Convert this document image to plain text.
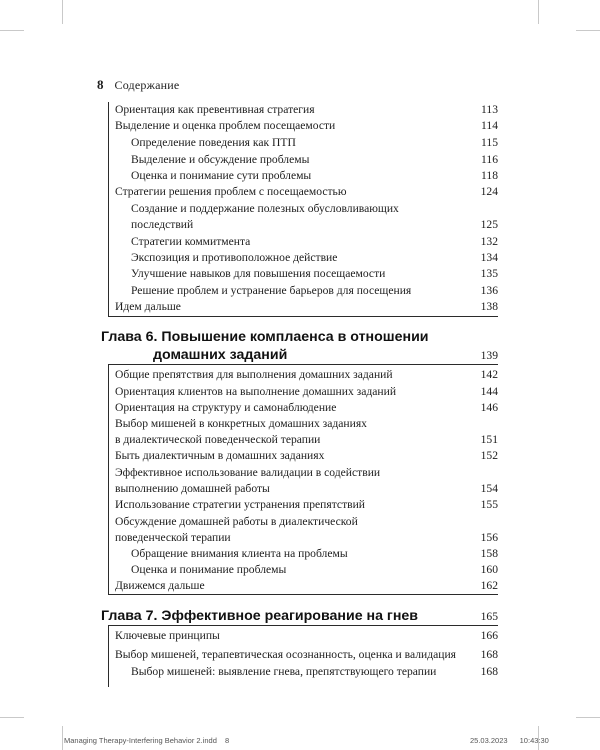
8 Содержание
Ориентация как превентивная стратегия	113
Выделение и оценка проблем посещаемости	114
Определение поведения как ПТП	115
Выделение и обсуждение проблемы	116
Оценка и понимание сути проблемы	118
Стратегии решения проблем с посещаемостью	124
Создание и поддержание полезных обусловливающих
последствий	125
Стратегии коммитмента	132
Экспозиция и противоположное действие	134
Улучшение навыков для повышения посещаемости	135
Решение проблем и устранение барьеров для посещения	136
Идем дальше	138
Глава 6. Повышение комплаенса в отношении
домашних заданий	139
Общие препятствия для выполнения домашних заданий	142
Ориентация клиентов на выполнение домашних заданий	144
Ориентация на структуру и самонаблюдение	146
Выбор мишеней в конкретных домашних заданиях
в диалектической поведенческой терапии	151
Быть диалектичным в домашних заданиях	152
Эффективное использование валидации в содействии
выполнению домашней работы	154
Использование стратегии устранения препятствий	155
Обсуждение домашней работы в диалектической
поведенческой терапии	156
Обращение внимания клиента на проблемы	158
Оценка и понимание проблемы	160
Движемся дальше	162
Глава 7. Эффективное реагирование на гнев	165
Ключевые принципы	166
Выбор мишеней, терапевтическая осознанность, оценка и валидация 168
Выбор мишеней: выявление гнева, препятствующего терапии	168
Managing Therapy-Interfering Behavior 2.indd 8	25.03.2023 10:43:30
